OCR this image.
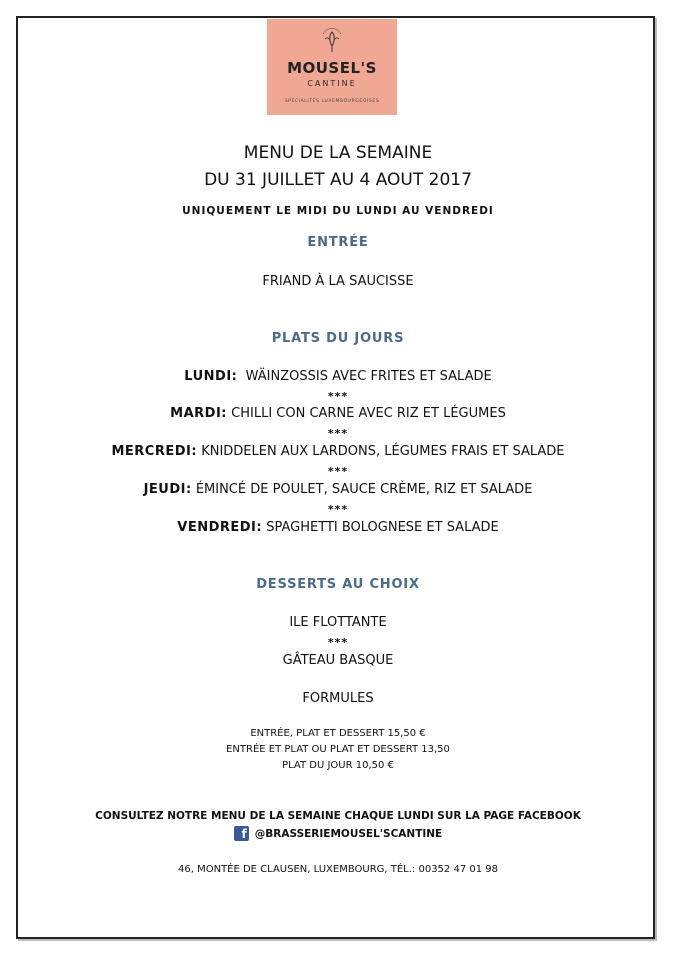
MOUSEL'S
CANTINE
SPÉCIALITÉS LUXEMBOURGEOISES
MENU DE LA SEMAINE
DU 31 JUILLET AU 4 AOUT 2017
UNIQUEMENT LE MIDI DU LUNDI AU VENDREDI
ENTRÉE
FRIAND À LA SAUCISSE
PLATS DU JOURS
LUNDI: WÄINZOSSIS AVEC FRITES ET SALADE
***
MARDI: CHILLI CON CARNE AVEC RIZ ET LÉGUMES
***
MERCREDI: KNIDDELEN AUX LARDONS, LÉGUMES FRAIS ET SALADE
***
JEUDI: ÉMINCÉ DE POULET, SAUCE CRÈME, RIZ ET SALADE
***
VENDREDI: SPAGHETTI BOLOGNESE ET SALADE
DESSERTS AU CHOIX
ILE FLOTTANTE
***
GÂTEAU BASQUE
FORMULES
ENTRÉE, PLAT ET DESSERT 15,50 €
ENTRÉE ET PLAT OU PLAT ET DESSERT 13,50
PLAT DU JOUR 10,50 €
CONSULTEZ NOTRE MENU DE LA SEMAINE CHAQUE LUNDI SUR LA PAGE FACEBOOK
f @BRASSERIEMOUSEL'SCANTINE
46, MONTÉE DE CLAUSEN, LUXEMBOURG, TÉL.: 00352 47 01 98
